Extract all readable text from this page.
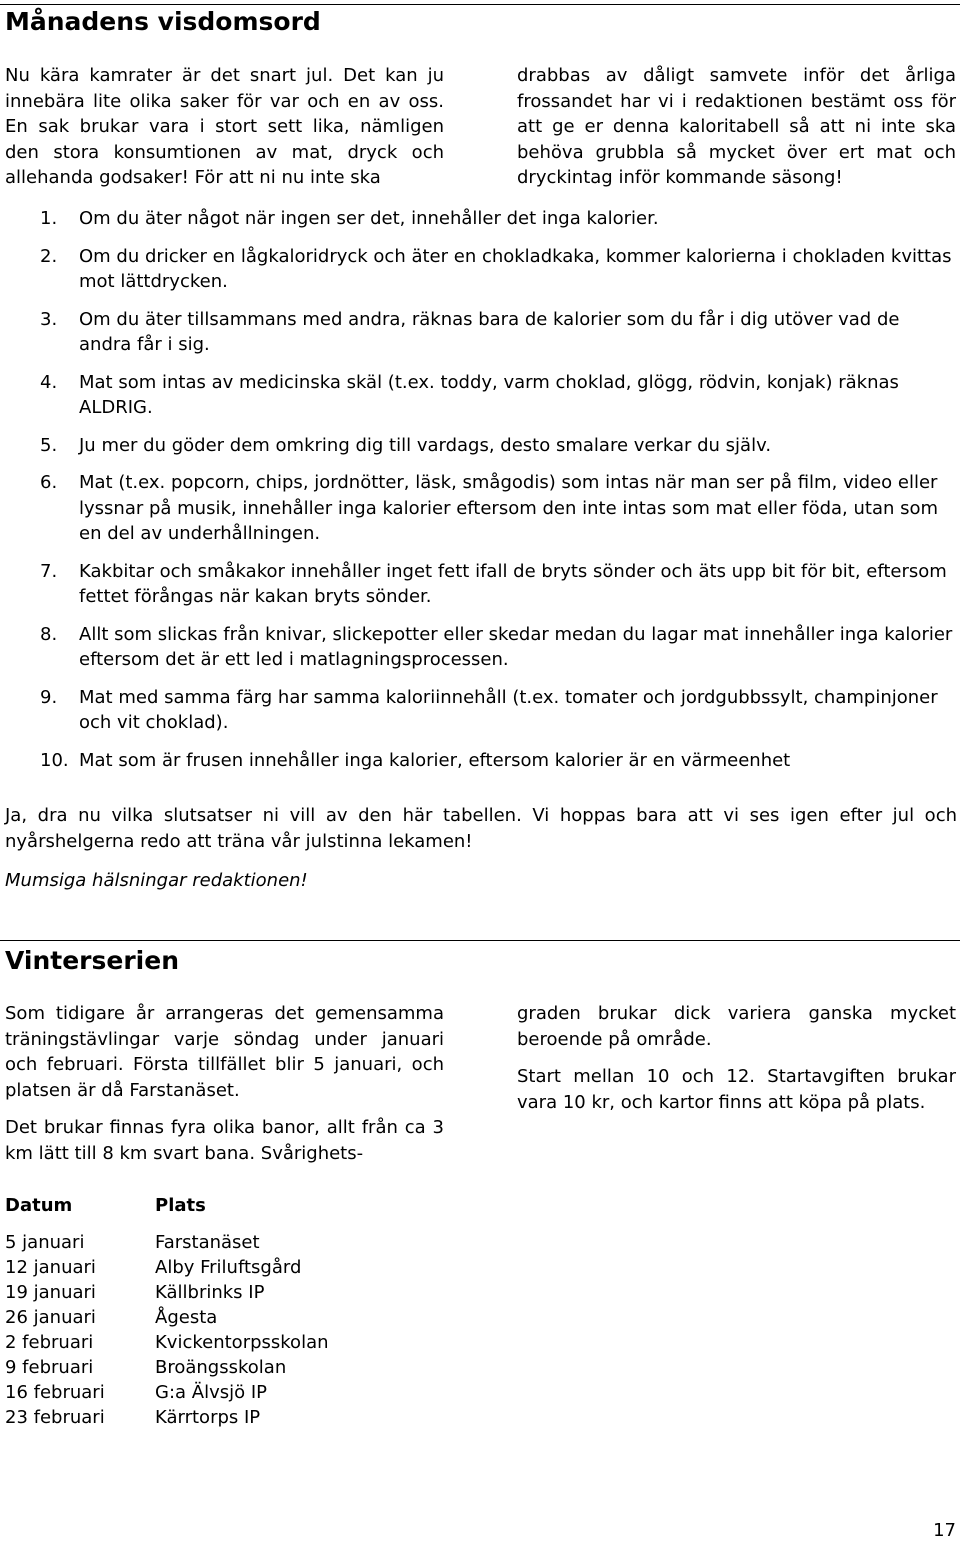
Månadens visdomsord

Nu kära kamrater är det snart jul. Det kan ju innebära lite olika saker för var och en av oss. En sak brukar vara i stort sett lika, nämligen den stora konsumtionen av mat, dryck och allehanda godsaker! För att ni nu inte ska

drabbas av dåligt samvete inför det årliga frossandet har vi i redaktionen bestämt oss för att ge er denna kaloritabell så att ni inte ska behöva grubbla så mycket över ert mat och dryckintag inför kommande säsong!

1. Om du äter något när ingen ser det, innehåller det inga kalorier.
2. Om du dricker en lågkaloridryck och äter en chokladkaka, kommer kalorierna i chokladen kvittas mot lättdrycken.
3. Om du äter tillsammans med andra, räknas bara de kalorier som du får i dig utöver vad de andra får i sig.
4. Mat som intas av medicinska skäl (t.ex. toddy, varm choklad, glögg, rödvin, konjak) räknas ALDRIG.
5. Ju mer du göder dem omkring dig till vardags, desto smalare verkar du själv.
6. Mat (t.ex. popcorn, chips, jordnötter, läsk, smågodis) som intas när man ser på film, video eller lyssnar på musik, innehåller inga kalorier eftersom den inte intas som mat eller föda, utan som en del av underhållningen.
7. Kakbitar och småkakor innehåller inget fett ifall de bryts sönder och äts upp bit för bit, eftersom fettet förångas när kakan bryts sönder.
8. Allt som slickas från knivar, slickepotter eller skedar medan du lagar mat innehåller inga kalorier eftersom det är ett led i matlagningsprocessen.
9. Mat med samma färg har samma kaloriinnehåll (t.ex. tomater och jordgubbssylt, champinjoner och vit choklad).
10. Mat som är frusen innehåller inga kalorier, eftersom kalorier är en värmeenhet

Ja, dra nu vilka slutsatser ni vill av den här tabellen. Vi hoppas bara att vi ses igen efter jul och nyårshelgerna redo att träna vår julstinna lekamen!

Mumsiga hälsningar redaktionen!

Vinterserien

Som tidigare år arrangeras det gemensamma träningstävlingar varje söndag under januari och februari. Första tillfället blir 5 januari, och platsen är då Farstanäset.

Det brukar finnas fyra olika banor, allt från ca 3 km lätt till 8 km svart bana. Svårighets-

graden brukar dick variera ganska mycket beroende på område.

Start mellan 10 och 12. Startavgiften brukar vara 10 kr, och kartor finns att köpa på plats.

Datum	Plats
5 januari	Farstanäset
12 januari	Alby Friluftsgård
19 januari	Källbrinks IP
26 januari	Ågesta
2 februari	Kvickentorpsskolan
9 februari	Broängsskolan
16 februari	G:a Älvsjö IP
23 februari	Kärrtorps IP
17
